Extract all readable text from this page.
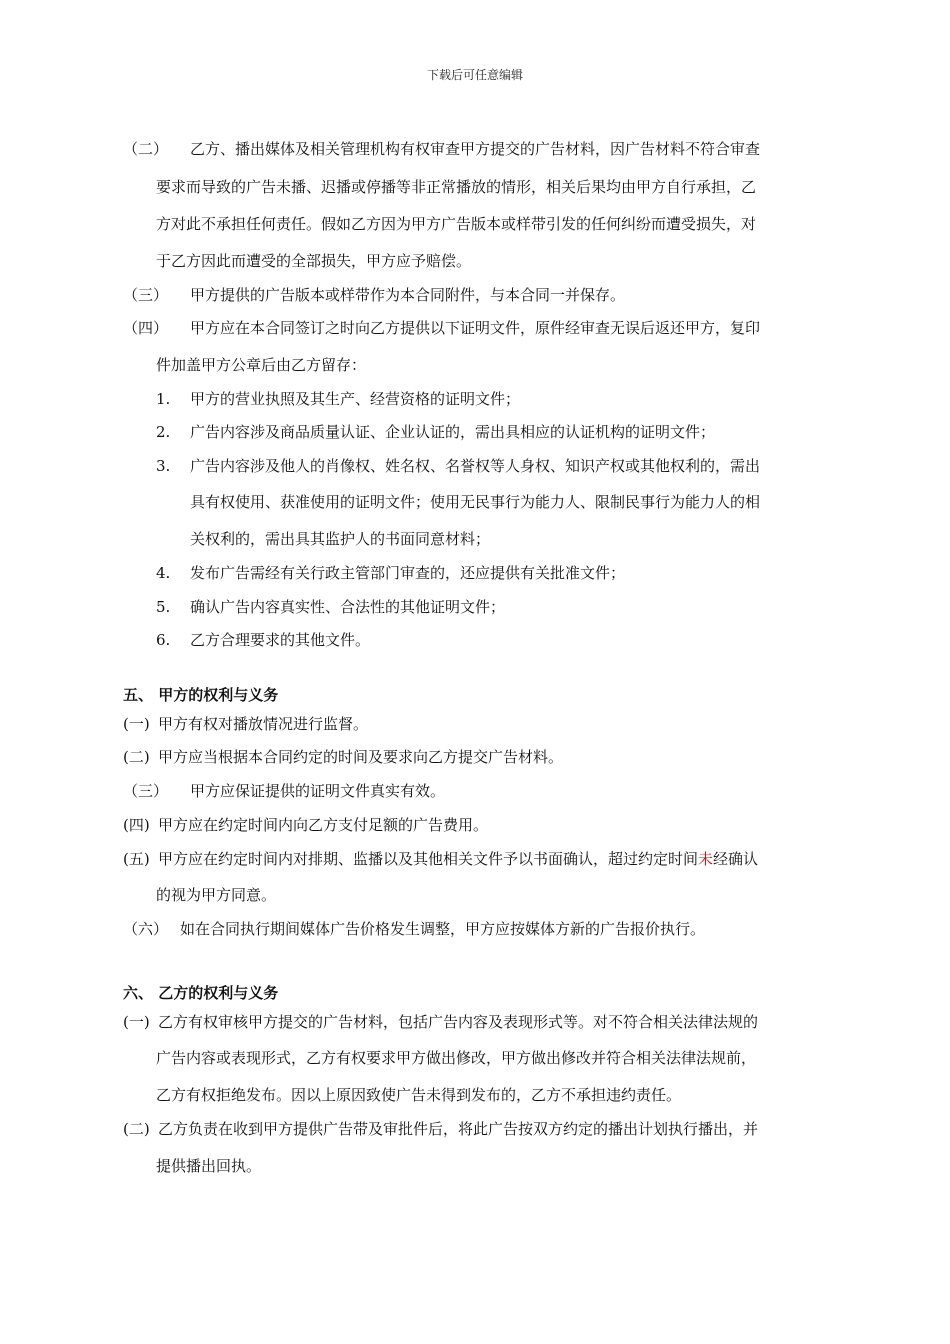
下载后可任意编辑
（二） 乙方、播出媒体及相关管理机构有权审查甲方提交的广告材料，因广告材料不符合审查
要求而导致的广告未播、迟播或停播等非正常播放的情形，相关后果均由甲方自行承担，乙
方对此不承担任何责任。假如乙方因为甲方广告版本或样带引发的任何纠纷而遭受损失，对
于乙方因此而遭受的全部损失，甲方应予赔偿。
（三） 甲方提供的广告版本或样带作为本合同附件，与本合同一并保存。
（四） 甲方应在本合同签订之时向乙方提供以下证明文件，原件经审查无误后返还甲方，复印
件加盖甲方公章后由乙方留存：
1. 甲方的营业执照及其生产、经营资格的证明文件；
2. 广告内容涉及商品质量认证、企业认证的，需出具相应的认证机构的证明文件；
3. 广告内容涉及他人的肖像权、姓名权、名誉权等人身权、知识产权或其他权利的，需出
具有权使用、获准使用的证明文件；使用无民事行为能力人、限制民事行为能力人的相
关权利的，需出具其监护人的书面同意材料；
4. 发布广告需经有关行政主管部门审查的，还应提供有关批准文件；
5. 确认广告内容真实性、合法性的其他证明文件；
6. 乙方合理要求的其他文件。
五、 甲方的权利与义务
(一) 甲方有权对播放情况进行监督。
(二) 甲方应当根据本合同约定的时间及要求向乙方提交广告材料。
（三） 甲方应保证提供的证明文件真实有效。
(四) 甲方应在约定时间内向乙方支付足额的广告费用。
(五) 甲方应在约定时间内对排期、监播以及其他相关文件予以书面确认，超过约定时间未经确认
的视为甲方同意。
（六） 如在合同执行期间媒体广告价格发生调整，甲方应按媒体方新的广告报价执行。
六、 乙方的权利与义务
(一) 乙方有权审核甲方提交的广告材料，包括广告内容及表现形式等。对不符合相关法律法规的
广告内容或表现形式，乙方有权要求甲方做出修改，甲方做出修改并符合相关法律法规前，
乙方有权拒绝发布。因以上原因致使广告未得到发布的，乙方不承担违约责任。
(二) 乙方负责在收到甲方提供广告带及审批件后，将此广告按双方约定的播出计划执行播出，并
提供播出回执。
